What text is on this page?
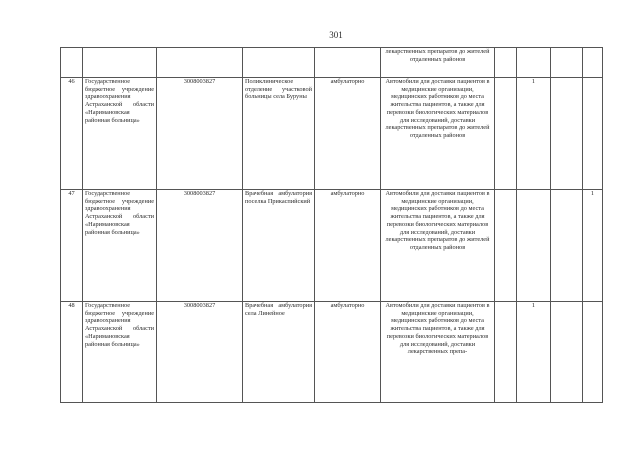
301
					лекарственных препаратов до жителей отдаленных районов				
46	Государственное бюджетное учреждение здравоохранения Астраханской области «Наримановская районная больница»	3008003827	Поликлиническое отделение участковой больницы села Буруны	амбулаторно	Автомобили для доставки пациентов в медицинские организации, медицинских работников до места жительства пациентов, а также для перевозки биологических материалов для исследований, доставки лекарственных препаратов до жителей отдаленных районов		1		
47	Государственное бюджетное учреждение здравоохранения Астраханской области «Наримановская районная больница»	3008003827	Врачебная амбулатория поселка Прикаспийский	амбулаторно	Автомобили для доставки пациентов в медицинские организации, медицинских работников до места жительства пациентов, а также для перевозки биологических материалов для исследований, доставки лекарственных препаратов до жителей отдаленных районов				1
48	Государственное бюджетное учреждение здравоохранения Астраханской области «Наримановская районная больница»	3008003827	Врачебная амбулатория села Линейное	амбулаторно	Автомобили для доставки пациентов в медицинские организации, медицинских работников до места жительства пациентов, а также для перевозки биологических материалов для исследований, доставки лекарственных препа-		1		
